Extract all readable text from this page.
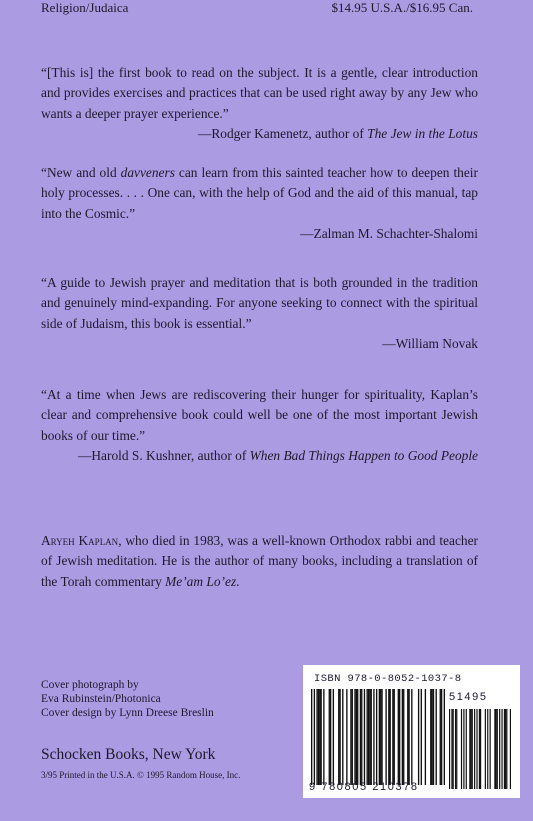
Religion/Judaica	$14.95 U.S.A./$16.95 Can.
“[This is] the first book to read on the subject. It is a gentle, clear introduction and provides exercises and practices that can be used right away by any Jew who wants a deeper prayer experience.”
—Rodger Kamenetz, author of The Jew in the Lotus
“New and old davveners can learn from this sainted teacher how to deepen their holy processes. . . . One can, with the help of God and the aid of this manual, tap into the Cosmic.”
—Zalman M. Schachter-Shalomi
“A guide to Jewish prayer and meditation that is both grounded in the tradition and genuinely mind-expanding. For anyone seeking to connect with the spiritual side of Judaism, this book is essential.”
—William Novak
“At a time when Jews are rediscovering their hunger for spirituality, Kaplan’s clear and comprehensive book could well be one of the most important Jewish books of our time.”
—Harold S. Kushner, author of When Bad Things Happen to Good People
Aryeh Kaplan, who died in 1983, was a well-known Orthodox rabbi and teacher of Jewish meditation. He is the author of many books, including a translation of the Torah commentary Me’am Lo’ez.
Cover photograph by
Eva Rubinstein/Photonica
Cover design by Lynn Dreese Breslin
Schocken Books, New York
3/95 Printed in the U.S.A. © 1995 Random House, Inc.
ISBN 978-0-8052-1037-8
51495
9 780805 210378
